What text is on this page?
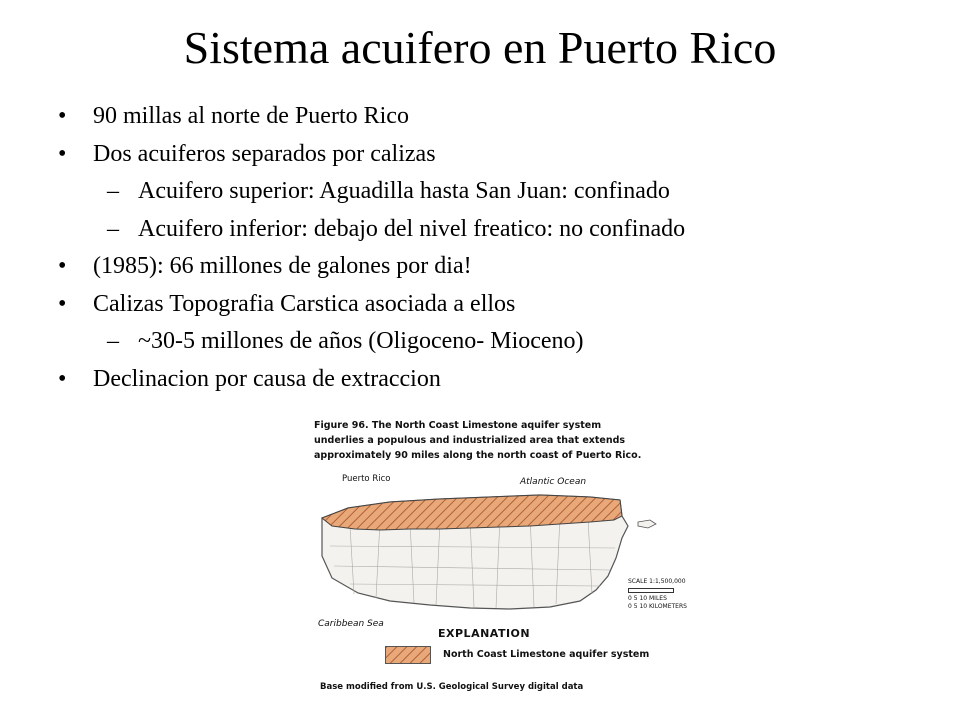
Sistema acuifero en Puerto Rico
• 90 millas al norte de Puerto Rico
• Dos acuiferos separados por calizas
– Acuifero superior: Aguadilla hasta San Juan: confinado
– Acuifero inferior: debajo del nivel freatico: no confinado
• (1985): 66 millones de galones por dia!
• Calizas Topografia Carstica asociada a ellos
– ~30-5 millones de años (Oligoceno- Mioceno)
• Declinacion por causa de extraccion
Figure 96. The North Coast Limestone aquifer system
underlies a populous and industrialized area that extends
approximately 90 miles along the north coast of Puerto Rico.
Puerto Rico	Atlantic Ocean
Caribbean Sea
SCALE 1:1,500,000
0 5 10 MILES
0 5 10 KILOMETERS
EXPLANATION
North Coast Limestone aquifer system
Base modified from U.S. Geological Survey digital data
